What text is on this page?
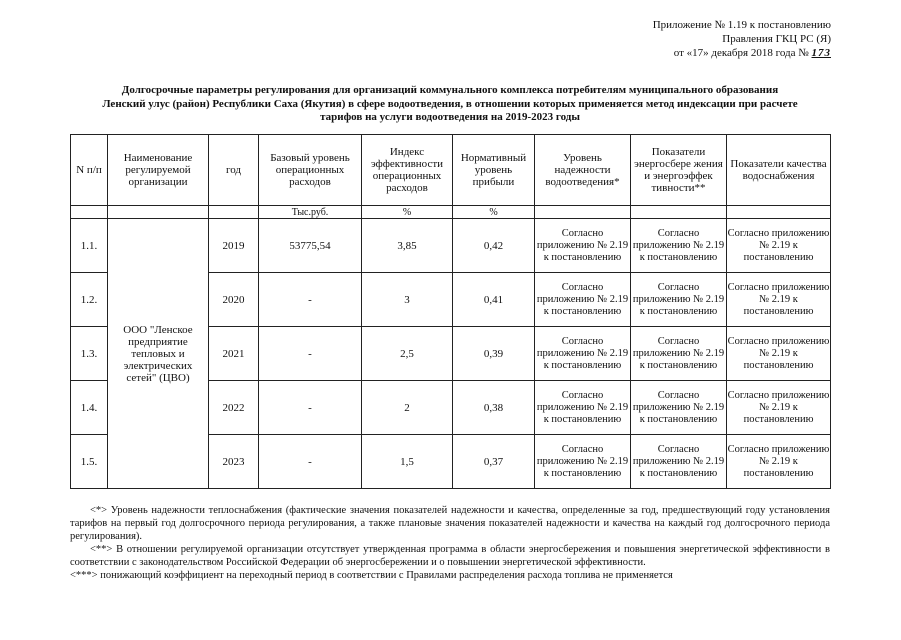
Приложение № 1.19 к постановлению
Правления ГКЦ РС (Я)
от «17» декабря 2018 года № 173
Долгосрочные параметры регулирования для организаций коммунального комплекса потребителям муниципального образования
Ленский улус (район) Республики Саха (Якутия) в сфере водоотведения, в отношении которых применяется метод индексации при расчете
тарифов на услуги водоотведения на 2019-2023 годы
N п/п	Наименование регулируемой организации	год	Базовый уровень операционных расходов	Индекс эффективности операционных расходов	Нормативный уровень прибыли	Уровень надежности водоотведения*	Показатели энергосбере жения и энергоэффек тивности**	Показатели качества водоснабжения
			Тыс.руб.	%	%			
1.1.	ООО "Ленское предприятие тепловых и электрических сетей" (ЦВО)	2019	53775,54	3,85	0,42	Согласно приложению № 2.19 к постановлению	Согласно приложению № 2.19 к постановлению	Согласно приложению № 2.19 к постановлению
1.2.		2020	-	3	0,41	Согласно приложению № 2.19 к постановлению	Согласно приложению № 2.19 к постановлению	Согласно приложению № 2.19 к постановлению
1.3.		2021	-	2,5	0,39	Согласно приложению № 2.19 к постановлению	Согласно приложению № 2.19 к постановлению	Согласно приложению № 2.19 к постановлению
1.4.		2022	-	2	0,38	Согласно приложению № 2.19 к постановлению	Согласно приложению № 2.19 к постановлению	Согласно приложению № 2.19 к постановлению
1.5.		2023	-	1,5	0,37	Согласно приложению № 2.19 к постановлению	Согласно приложению № 2.19 к постановлению	Согласно приложению № 2.19 к постановлению

<*> Уровень надежности теплоснабжения (фактические значения показателей надежности и качества, определенные за год, предшествующий году установления тарифов на первый год долгосрочного периода регулирования, а также плановые значения показателей надежности и качества на каждый год долгосрочного периода регулирования).

<**> В отношении регулируемой организации отсутствует утвержденная программа в области энергосбережения и повышения энергетической эффективности в соответствии с законодательством Российской Федерации об энергосбережении и о повышении энергетической эффективности.

<***> понижающий коэффициент на переходный период в соответствии с Правилами распределения расхода топлива не применяется
